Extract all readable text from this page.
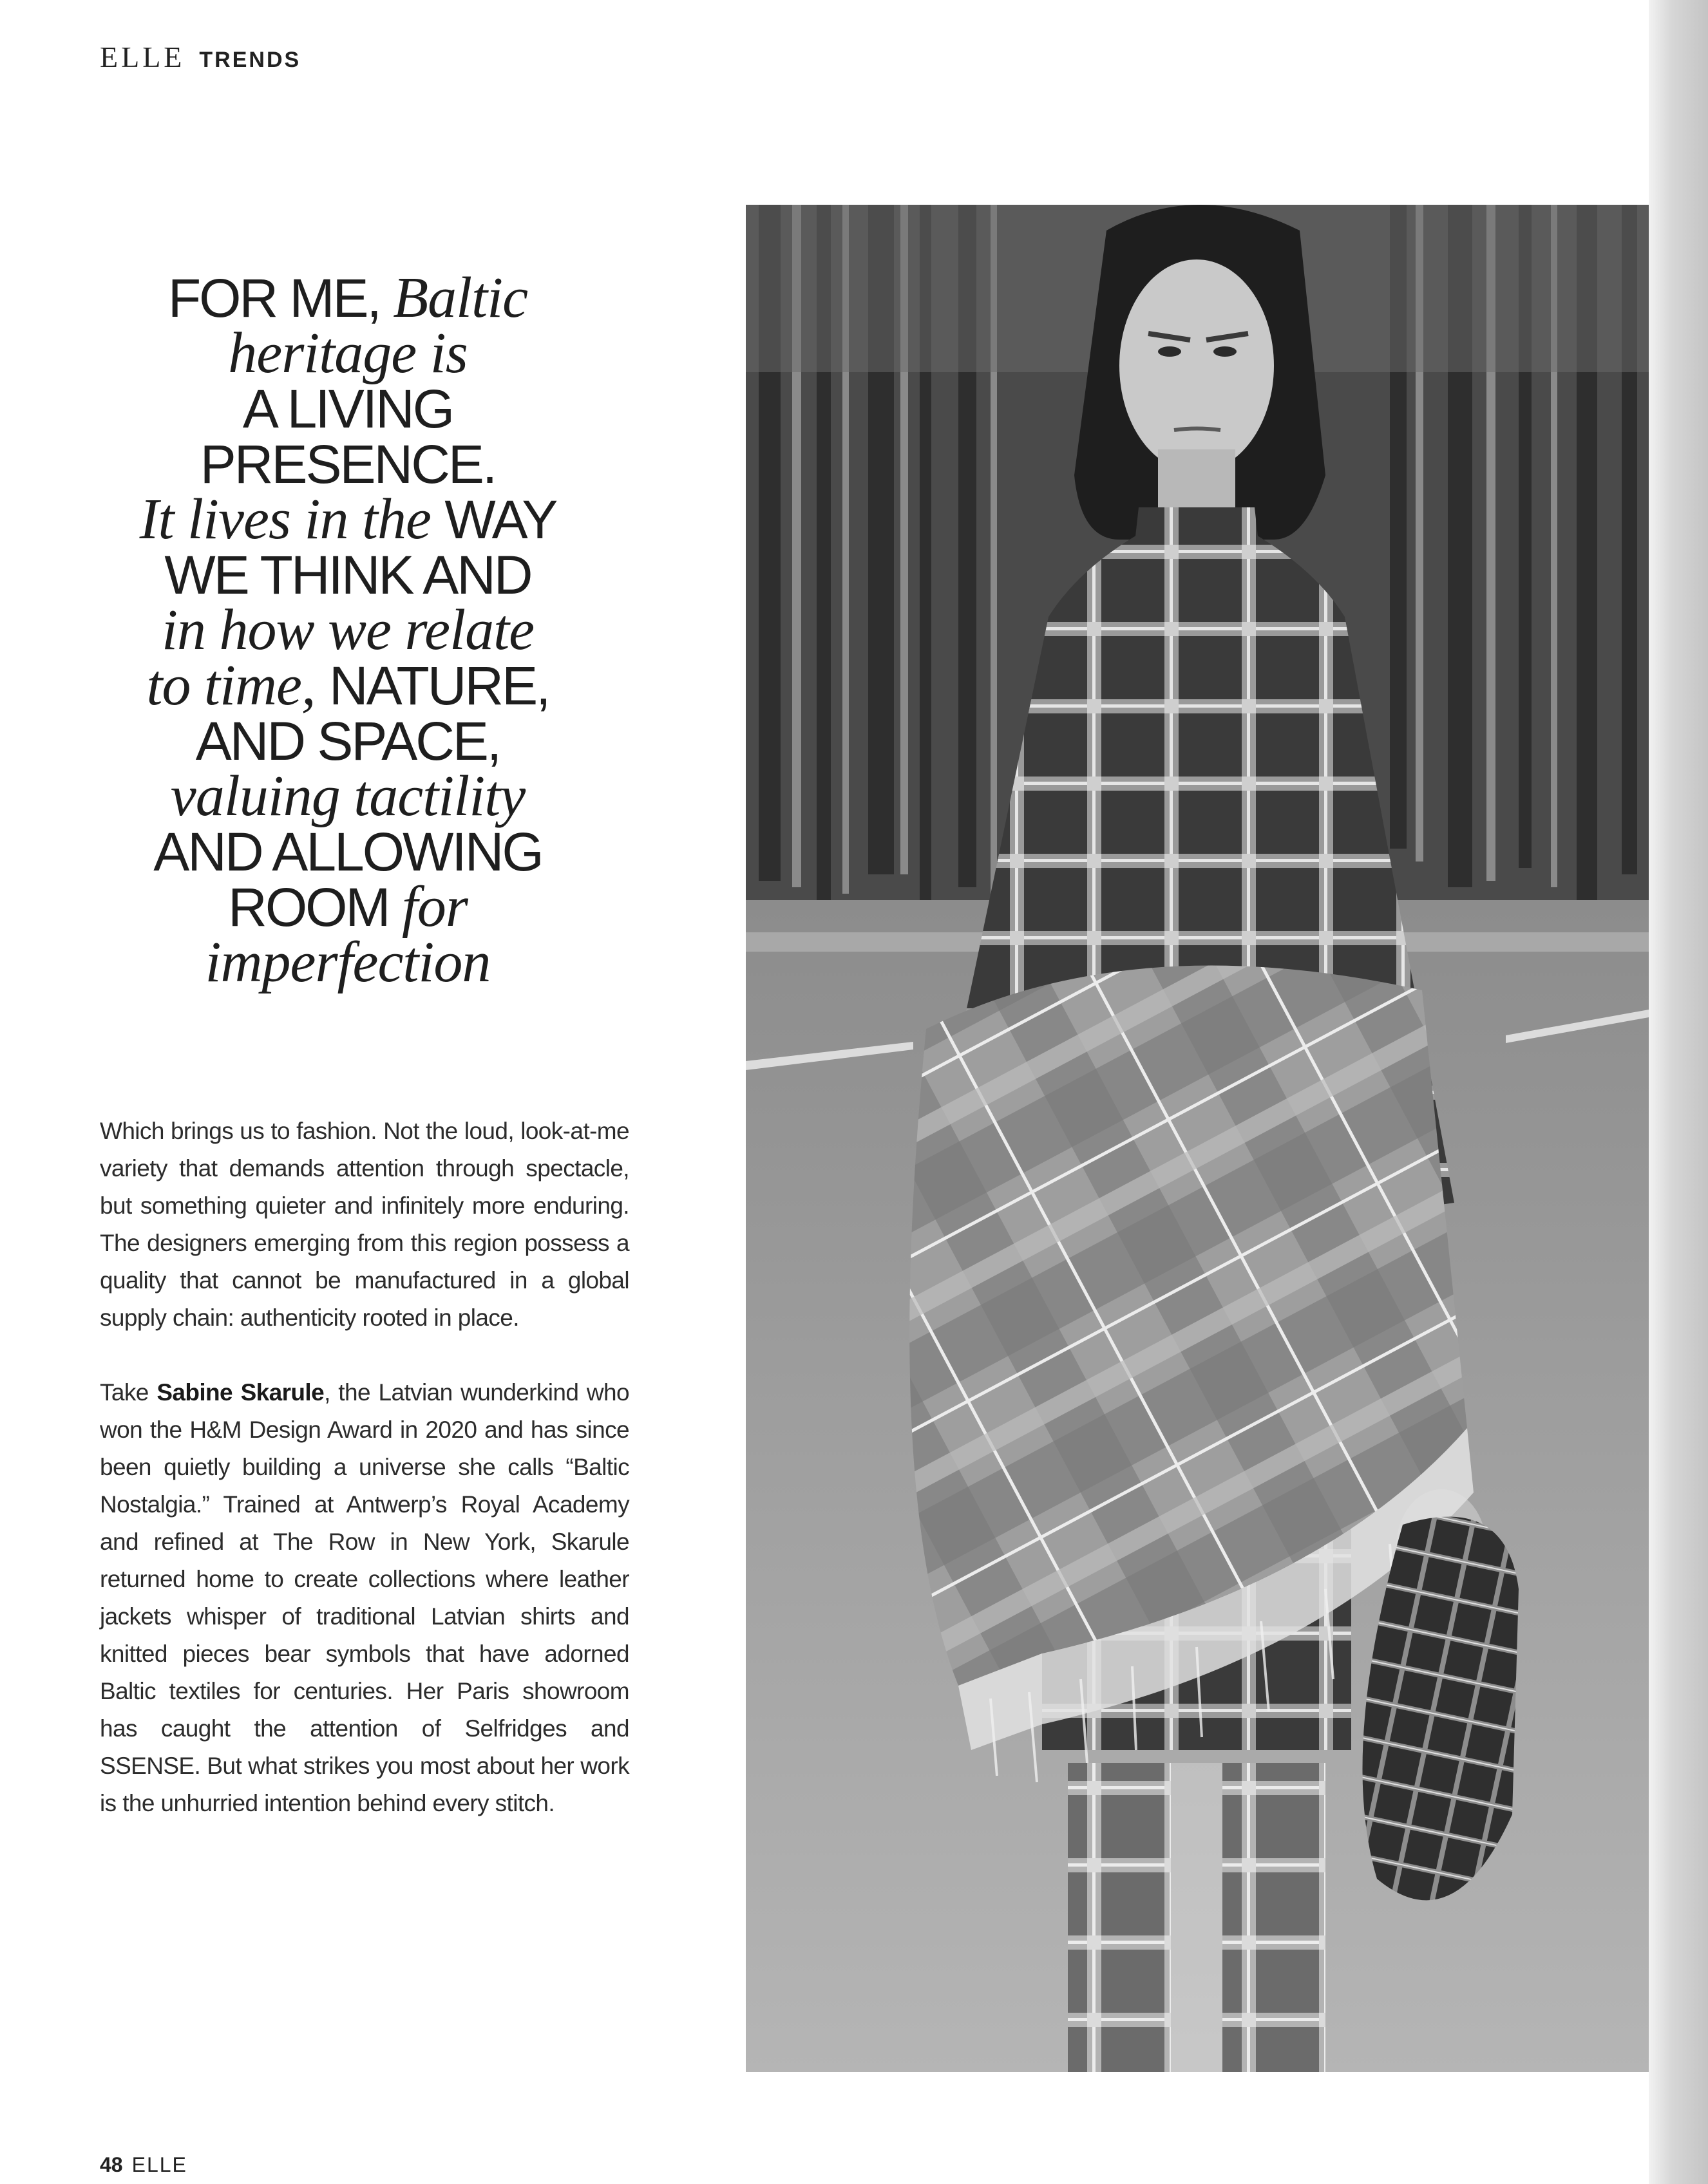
ELLE TRENDS
FOR ME, Baltic
heritage is
A LIVING
PRESENCE.
It lives in the WAY
WE THINK AND
in how we relate
to time, NATURE,
AND SPACE,
valuing tactility
AND ALLOWING
ROOM for
imperfection

Which brings us to fashion. Not the loud, look-at-me variety that demands attention through spectacle, but something quieter and infinitely more enduring. The designers emerging from this region possess a quality that cannot be manufactured in a global supply chain: authenticity rooted in place.

Take Sabine Skarule, the Latvian wunderkind who won the H&M Design Award in 2020 and has since been quietly building a universe she calls “Baltic Nostalgia.” Trained at Antwerp’s Royal Academy and refined at The Row in New York, Skarule returned home to create collections where leather jackets whisper of traditional Latvian shirts and knitted pieces bear symbols that have adorned Baltic textiles for centuries. Her Paris showroom has caught the attention of Selfridges and SSENSE. But what strikes you most about her work is the unhurried intention behind every stitch.

48 ELLE
